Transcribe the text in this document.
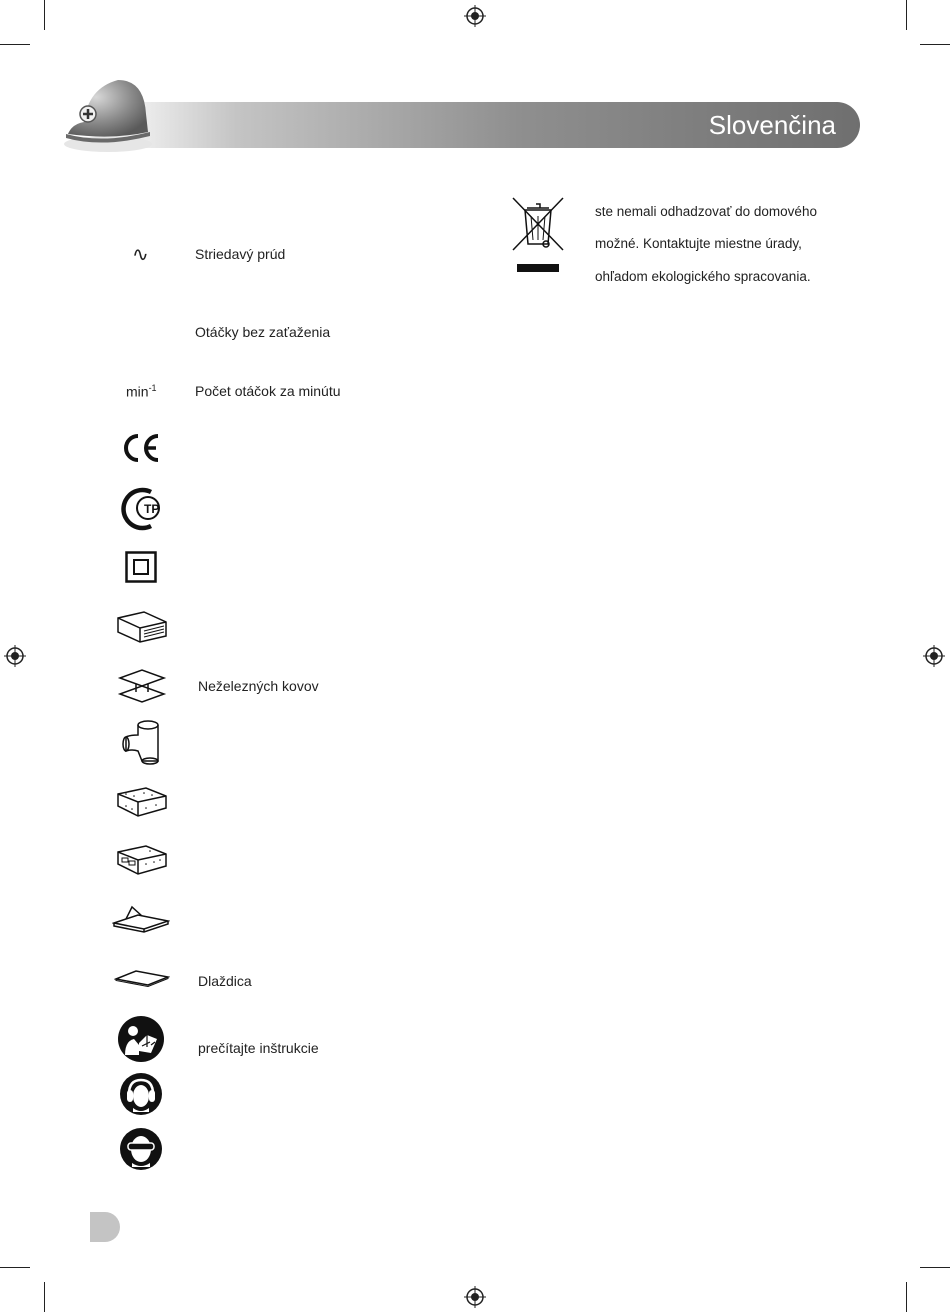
Slovenčina
∿	Striedavý prúd
Otáčky bez zaťaženia
$\min^{-1}$	Počet otáčok za minútu
TP
Neželezných kovov
Dlaždica
prečítajte inštrukcie
ste nemali odhadzovať do domového
možné. Kontaktujte miestne úrady,
ohľadom ekologického spracovania.
